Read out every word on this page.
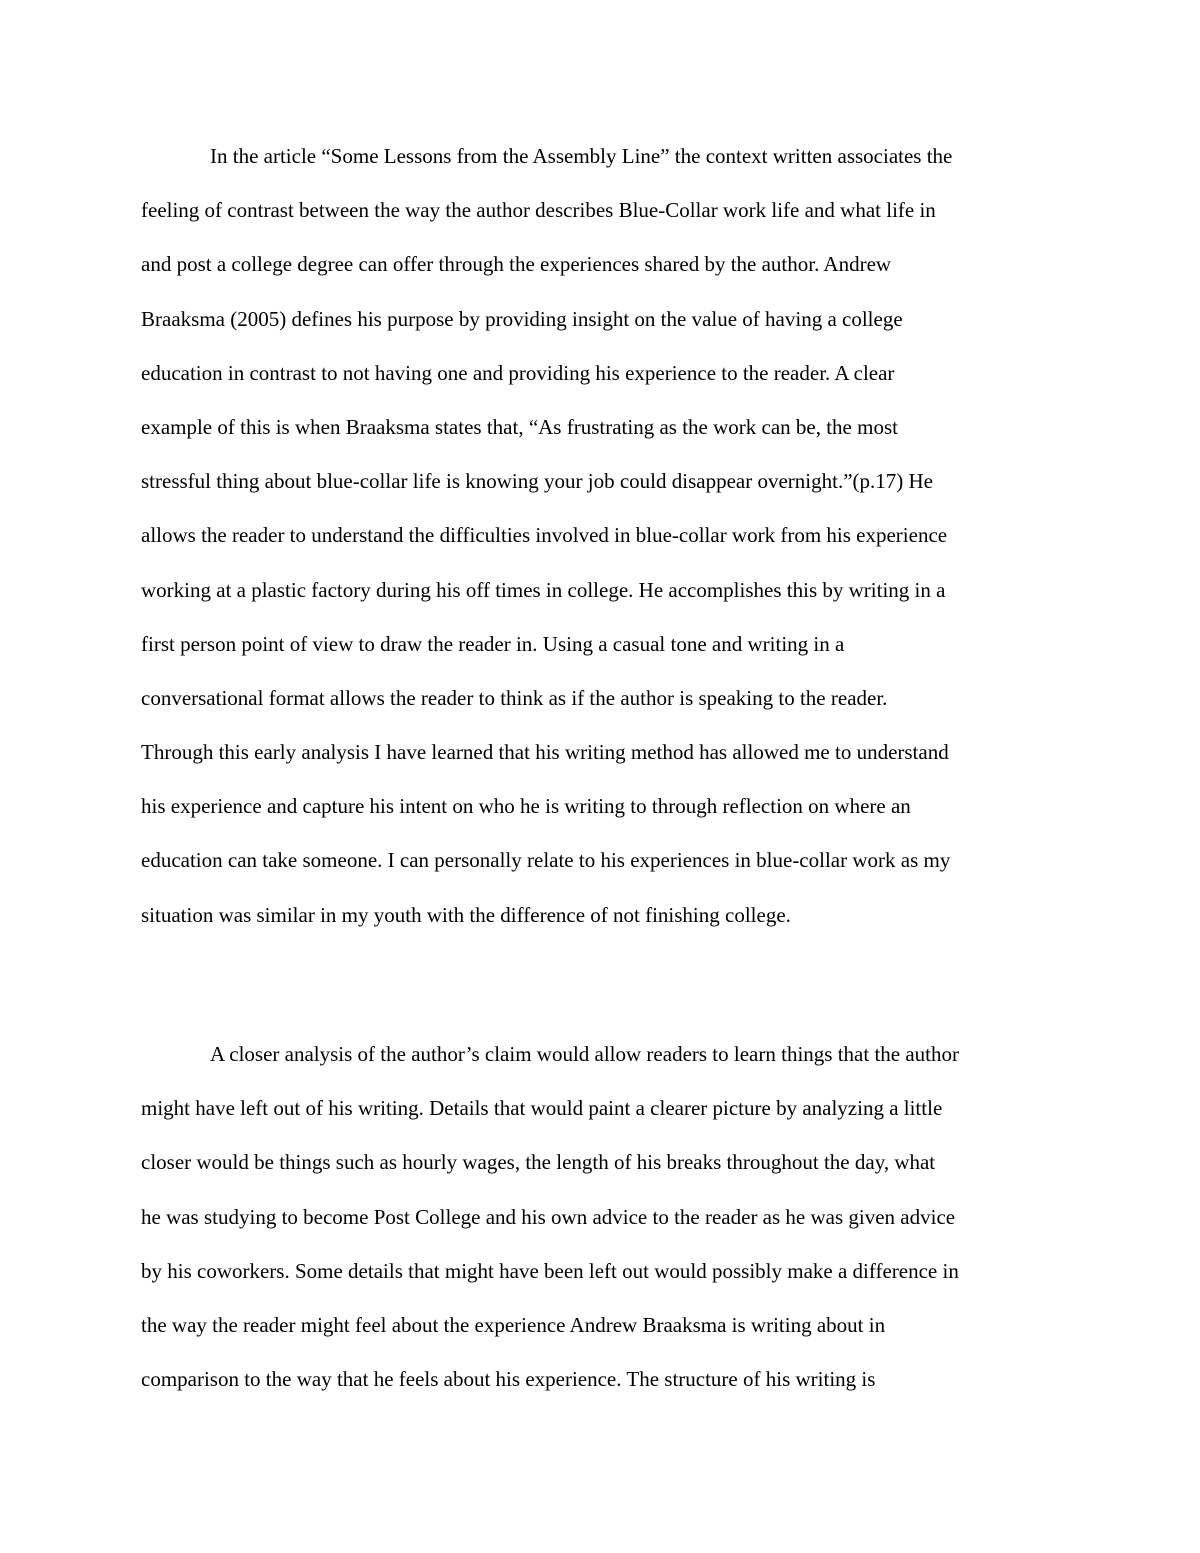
In the article “Some Lessons from the Assembly Line” the context written associates the
feeling of contrast between the way the author describes Blue-Collar work life and what life in
and post a college degree can offer through the experiences shared by the author. Andrew
Braaksma (2005) defines his purpose by providing insight on the value of having a college
education in contrast to not having one and providing his experience to the reader. A clear
example of this is when Braaksma states that, “As frustrating as the work can be, the most
stressful thing about blue-collar life is knowing your job could disappear overnight.”(p.17) He
allows the reader to understand the difficulties involved in blue-collar work from his experience
working at a plastic factory during his off times in college. He accomplishes this by writing in a
first person point of view to draw the reader in. Using a casual tone and writing in a
conversational format allows the reader to think as if the author is speaking to the reader.
Through this early analysis I have learned that his writing method has allowed me to understand
his experience and capture his intent on who he is writing to through reflection on where an
education can take someone. I can personally relate to his experiences in blue-collar work as my
situation was similar in my youth with the difference of not finishing college.
A closer analysis of the author’s claim would allow readers to learn things that the author
might have left out of his writing. Details that would paint a clearer picture by analyzing a little
closer would be things such as hourly wages, the length of his breaks throughout the day, what
he was studying to become Post College and his own advice to the reader as he was given advice
by his coworkers. Some details that might have been left out would possibly make a difference in
the way the reader might feel about the experience Andrew Braaksma is writing about in
comparison to the way that he feels about his experience. The structure of his writing is
